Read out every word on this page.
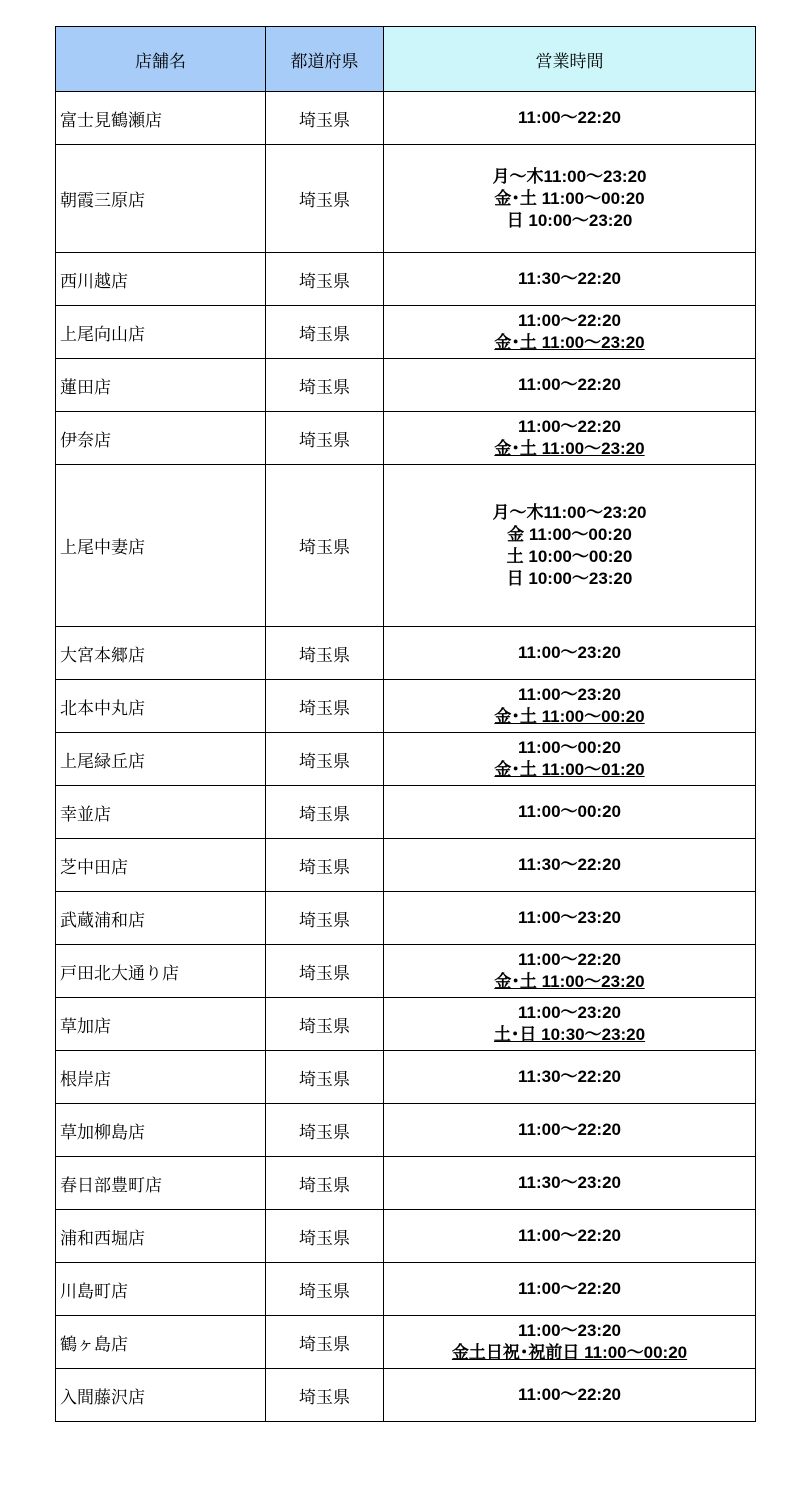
店舗名	都道府県	営業時間
富士見鶴瀬店	埼玉県	11:00〜22:20

朝霞三原店	埼玉県	月〜木11:00〜23:20
金･土 11:00〜00:20
日 10:00〜23:20

西川越店	埼玉県	11:30〜22:20

上尾向山店	埼玉県	11:00〜22:20
金･土 11:00〜23:20

蓮田店	埼玉県	11:00〜22:20

伊奈店	埼玉県	11:00〜22:20
金･土 11:00〜23:20

上尾中妻店	埼玉県	月〜木11:00〜23:20
金 11:00〜00:20
土 10:00〜00:20
日 10:00〜23:20

大宮本郷店	埼玉県	11:00〜23:20

北本中丸店	埼玉県	11:00〜23:20
金･土 11:00〜00:20

上尾緑丘店	埼玉県	11:00〜00:20
金･土 11:00〜01:20

幸並店	埼玉県	11:00〜00:20

芝中田店	埼玉県	11:30〜22:20

武蔵浦和店	埼玉県	11:00〜23:20

戸田北大通り店	埼玉県	11:00〜22:20
金･土 11:00〜23:20

草加店	埼玉県	11:00〜23:20
土･日 10:30〜23:20

根岸店	埼玉県	11:30〜22:20

草加柳島店	埼玉県	11:00〜22:20

春日部豊町店	埼玉県	11:30〜23:20

浦和西堀店	埼玉県	11:00〜22:20

川島町店	埼玉県	11:00〜22:20

鶴ヶ島店	埼玉県	11:00〜23:20
金土日祝･祝前日 11:00〜00:20

入間藤沢店	埼玉県	11:00〜22:20
